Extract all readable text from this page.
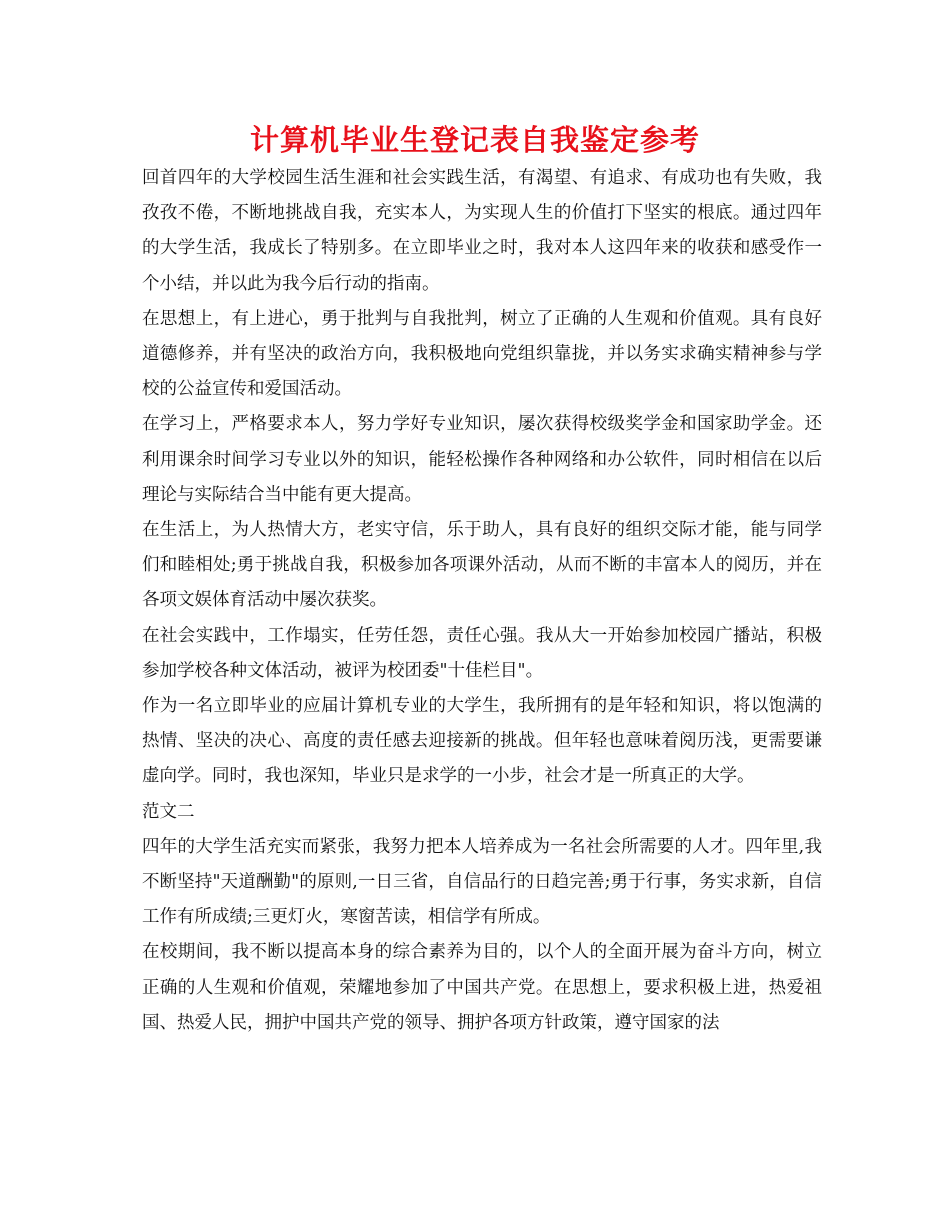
计算机毕业生登记表自我鉴定参考

回首四年的大学校园生活生涯和社会实践生活，有渴望、有追求、有成功也有失败，我孜孜不倦，不断地挑战自我，充实本人，为实现人生的价值打下坚实的根底。通过四年的大学生活，我成长了特别多。在立即毕业之时，我对本人这四年来的收获和感受作一个小结，并以此为我今后行动的指南。

在思想上，有上进心，勇于批判与自我批判，树立了正确的人生观和价值观。具有良好道德修养，并有坚决的政治方向，我积极地向党组织靠拢，并以务实求确实精神参与学校的公益宣传和爱国活动。

在学习上，严格要求本人，努力学好专业知识，屡次获得校级奖学金和国家助学金。还利用课余时间学习专业以外的知识，能轻松操作各种网络和办公软件，同时相信在以后理论与实际结合当中能有更大提高。

在生活上，为人热情大方，老实守信，乐于助人，具有良好的组织交际才能，能与同学们和睦相处;勇于挑战自我，积极参加各项课外活动，从而不断的丰富本人的阅历，并在各项文娱体育活动中屡次获奖。

在社会实践中，工作塌实，任劳任怨，责任心强。我从大一开始参加校园广播站，积极参加学校各种文体活动，被评为校团委"十佳栏目"。

作为一名立即毕业的应届计算机专业的大学生，我所拥有的是年轻和知识，将以饱满的热情、坚决的决心、高度的责任感去迎接新的挑战。但年轻也意味着阅历浅，更需要谦虚向学。同时，我也深知，毕业只是求学的一小步，社会才是一所真正的大学。

范文二

四年的大学生活充实而紧张，我努力把本人培养成为一名社会所需要的人才。四年里,我不断坚持"天道酬勤"的原则,一日三省，自信品行的日趋完善;勇于行事，务实求新，自信工作有所成绩;三更灯火，寒窗苦读，相信学有所成。

在校期间，我不断以提高本身的综合素养为目的，以个人的全面开展为奋斗方向，树立正确的人生观和价值观，荣耀地参加了中国共产党。在思想上，要求积极上进，热爱祖国、热爱人民，拥护中国共产党的领导、拥护各项方针政策，遵守国家的法
